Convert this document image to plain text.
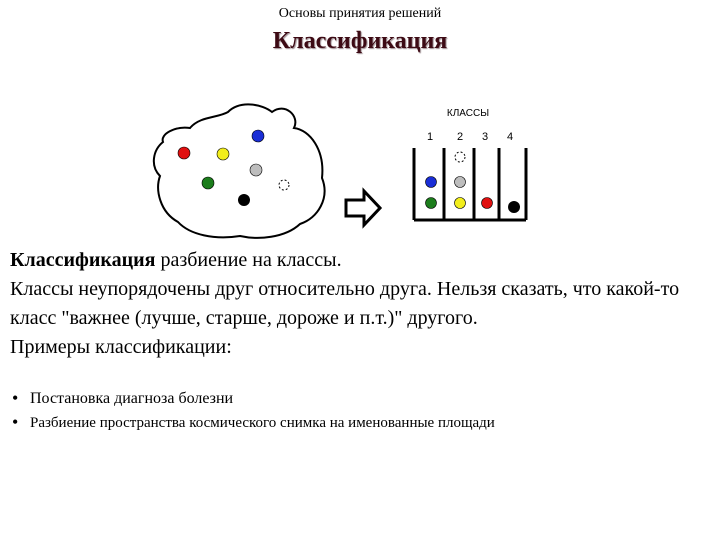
Основы принятия решений
Классификация
КЛАССЫ
1 2 3 4

Классификация разбиение на классы.

Классы неупорядочены друг относительно друга. Нельзя сказать, что какой-то класс "важнее (лучше, старше, дороже и п.т.)" другого.

Примеры классификации:

• Постановка диагноза болезни
• Разбиение пространства космического снимка на именованные площади
